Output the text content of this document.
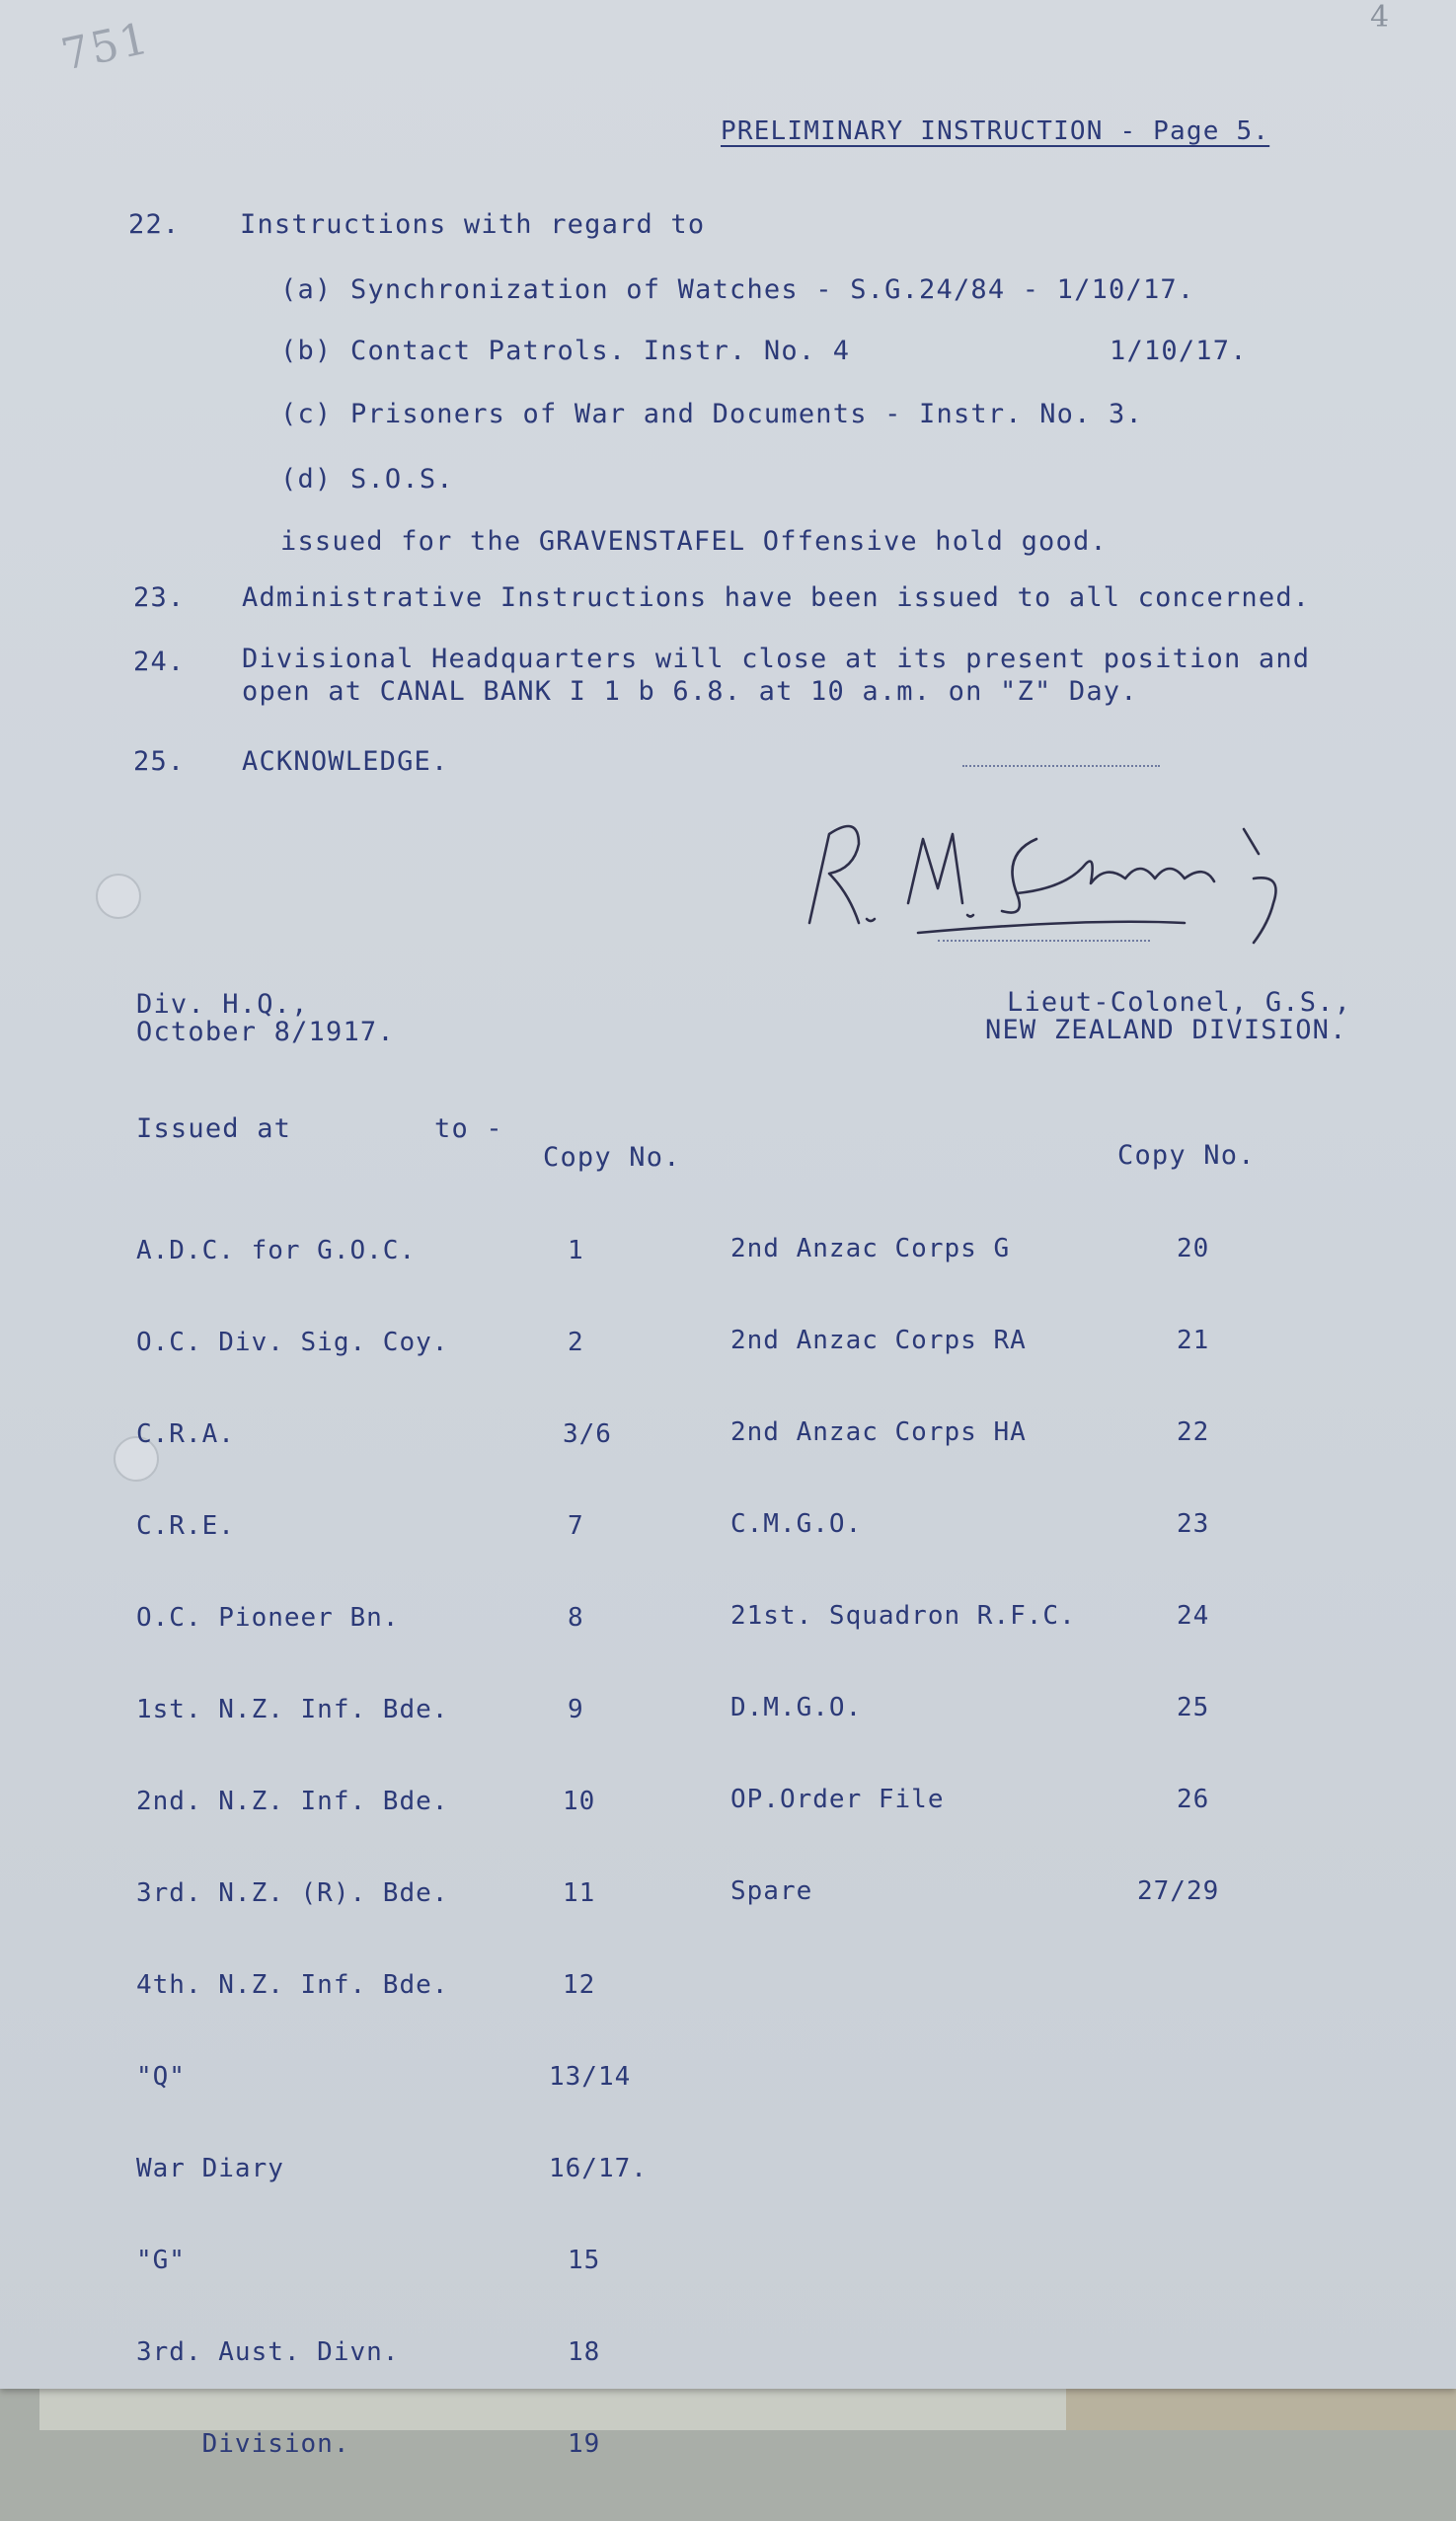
751	4
PRELIMINARY INSTRUCTION - Page 5.
22. Instructions with regard to
(a) Synchronization of Watches - S.G.24/84 - 1/10/17.
(b) Contact Patrols. Instr. No. 4	1/10/17.
(c) Prisoners of War and Documents - Instr. No. 3.
(d) S.O.S.
issued for the GRAVENSTAFEL Offensive hold good.
23. Administrative Instructions have been issued to all concerned.
24. Divisional Headquarters will close at its present position and
open at CANAL BANK I 1 b 6.8. at 10 a.m. on "Z" Day.
25. ACKNOWLEDGE.
Div. H.Q.,
October 8/1917.
Lieut-Colonel, G.S.,
NEW ZEALAND DIVISION.
Issued at	to -
Copy No.	Copy No.

A.D.C. for G.O.C.	1

O.C. Div. Sig. Coy.	2

C.R.A.	3/6

C.R.E.	7

O.C. Pioneer Bn.	8

1st. N.Z. Inf. Bde.	9

2nd. N.Z. Inf. Bde.	10

3rd. N.Z. (R). Bde.	11

4th. N.Z. Inf. Bde.	12

"Q"	13/14

War Diary	16/17.

"G"	15

3rd. Aust. Divn.	18

Division.	19

2nd Anzac Corps G	20

2nd Anzac Corps RA	21

2nd Anzac Corps HA	22

C.M.G.O.	23

21st. Squadron R.F.C.	24

D.M.G.O.	25

OP.Order File	26

Spare	27/29
